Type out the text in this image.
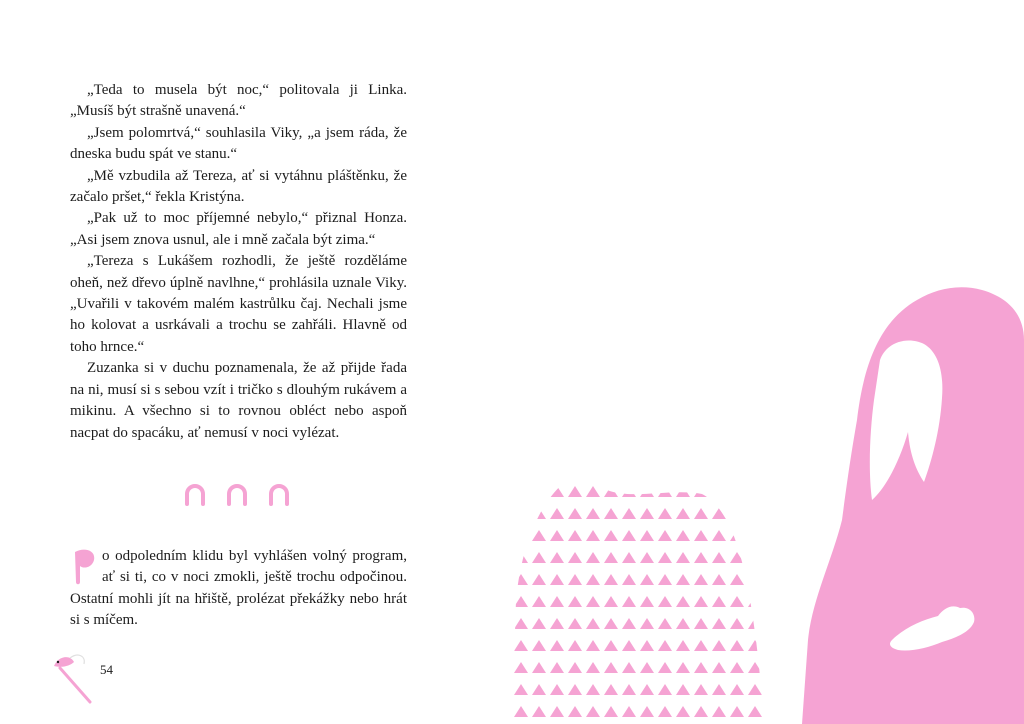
„Teda to musela být noc,“ politovala ji Linka. „Musíš být strašně unavená.“

„Jsem polomrtvá,“ souhlasila Viky, „a jsem ráda, že dneska budu spát ve stanu.“

„Mě vzbudila až Tereza, ať si vytáhnu pláštěnku, že začalo pršet,“ řekla Kristýna.

„Pak už to moc příjemné nebylo,“ přiznal Honza. „Asi jsem znova usnul, ale i mně začala být zima.“

„Tereza s Lukášem rozhodli, že ještě rozděláme oheň, než dřevo úplně navlhne,“ prohlásila uznale Viky. „Uvařili v takovém malém kastrůlku čaj. Nechali jsme ho kolovat a usrkávali a trochu se zahřáli. Hlavně od toho hrnce.“

Zuzanka si v duchu poznamenala, že až přijde řada na ni, musí si s sebou vzít i tričko s dlouhým rukávem a mikinu. A všechno si to rovnou obléct nebo aspoň nacpat do spacáku, ať nemusí v noci vylézat.

o odpoledním klidu byl vyhlášen volný program, ať si ti, co v noci zmokli, ještě trochu odpočinou. Ostatní mohli jít na hřiště, prolézat překážky nebo hrát si s míčem.

54
